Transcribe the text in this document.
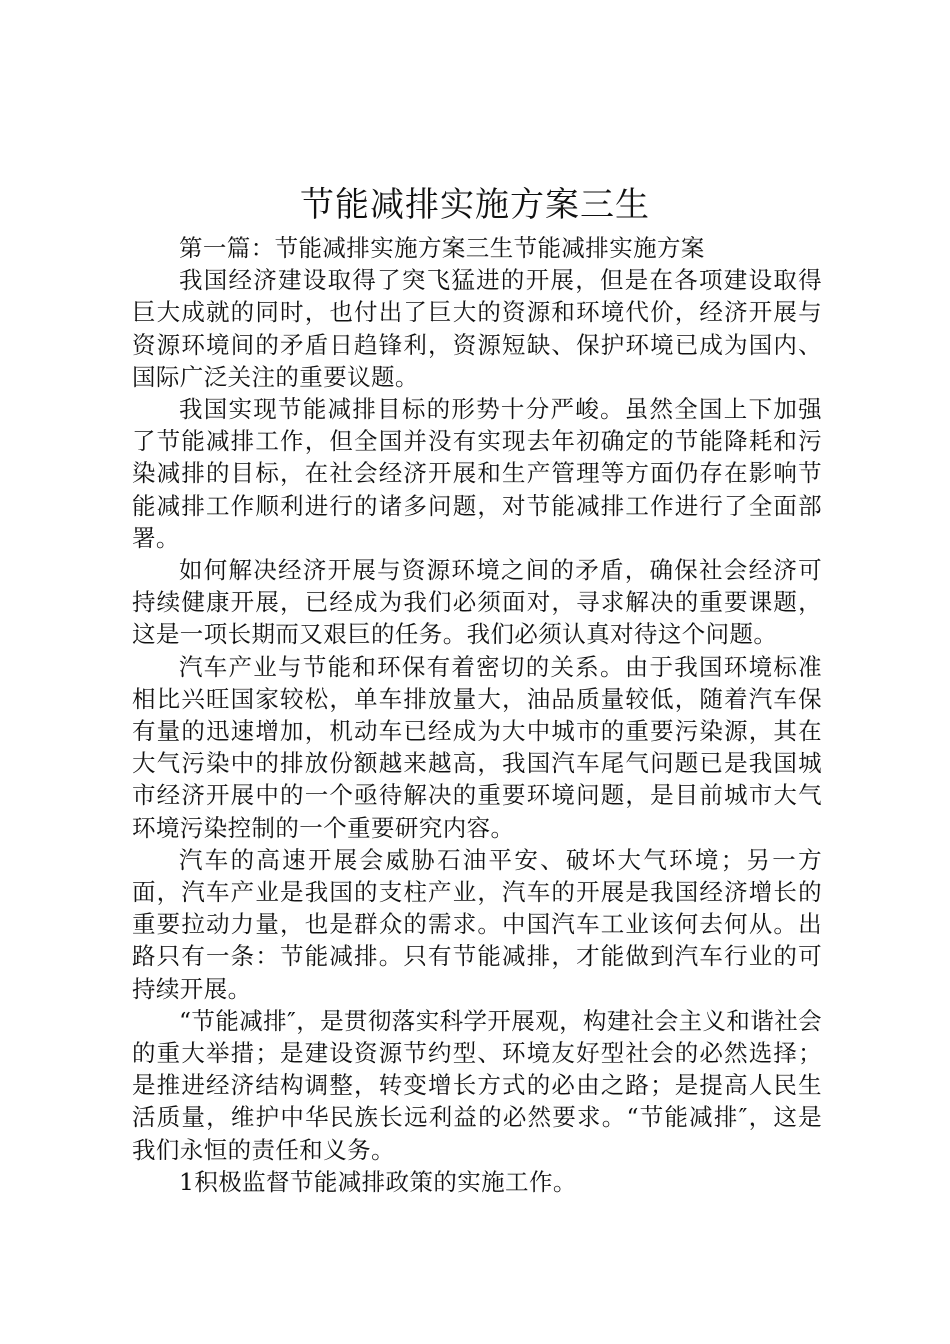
节能减排实施方案三生

第一篇：节能减排实施方案三生节能减排实施方案

我国经济建设取得了突飞猛进的开展，但是在各项建设取得巨大成就的同时，也付出了巨大的资源和环境代价，经济开展与资源环境间的矛盾日趋锋利，资源短缺、保护环境已成为国内、国际广泛关注的重要议题。

我国实现节能减排目标的形势十分严峻。虽然全国上下加强了节能减排工作，但全国并没有实现去年初确定的节能降耗和污染减排的目标，在社会经济开展和生产管理等方面仍存在影响节能减排工作顺利进行的诸多问题，对节能减排工作进行了全面部署。

如何解决经济开展与资源环境之间的矛盾，确保社会经济可持续健康开展，已经成为我们必须面对，寻求解决的重要课题，这是一项长期而又艰巨的任务。我们必须认真对待这个问题。

汽车产业与节能和环保有着密切的关系。由于我国环境标准相比兴旺国家较松，单车排放量大，油品质量较低，随着汽车保有量的迅速增加，机动车已经成为大中城市的重要污染源，其在大气污染中的排放份额越来越高，我国汽车尾气问题已是我国城市经济开展中的一个亟待解决的重要环境问题，是目前城市大气环境污染控制的一个重要研究内容。

汽车的高速开展会威胁石油平安、破坏大气环境；另一方面，汽车产业是我国的支柱产业，汽车的开展是我国经济增长的重要拉动力量，也是群众的需求。中国汽车工业该何去何从。出路只有一条：节能减排。只有节能减排，才能做到汽车行业的可持续开展。

“节能减排″，是贯彻落实科学开展观，构建社会主义和谐社会的重大举措；是建设资源节约型、环境友好型社会的必然选择；是推进经济结构调整，转变增长方式的必由之路；是提高人民生活质量，维护中华民族长远利益的必然要求。“节能减排″，这是我们永恒的责任和义务。

1积极监督节能减排政策的实施工作。
